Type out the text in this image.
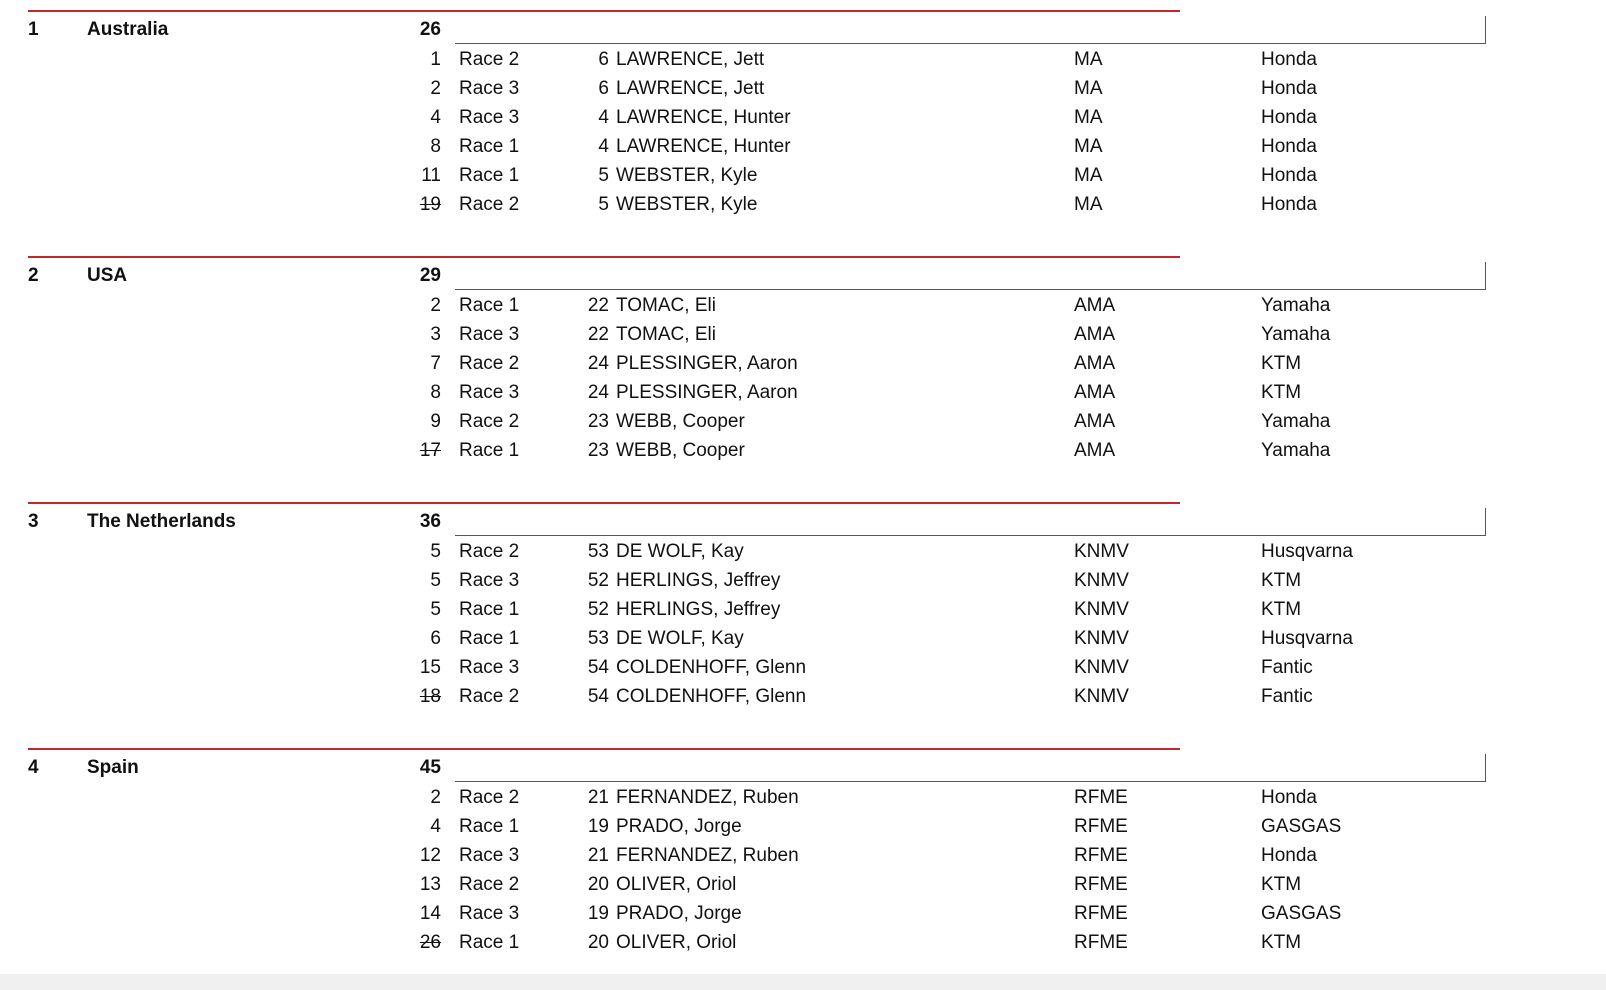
1	Australia	26
1 Race 2	6 LAWRENCE, Jett	MA	Honda
2 Race 3	6 LAWRENCE, Jett	MA	Honda
4 Race 3	4 LAWRENCE, Hunter	MA	Honda
8 Race 1	4 LAWRENCE, Hunter	MA	Honda
11 Race 1	5 WEBSTER, Kyle	MA	Honda
19 Race 2	5 WEBSTER, Kyle	MA	Honda
2	USA	29
2 Race 1	22 TOMAC, Eli	AMA	Yamaha
3 Race 3	22 TOMAC, Eli	AMA	Yamaha
7 Race 2	24 PLESSINGER, Aaron	AMA	KTM
8 Race 3	24 PLESSINGER, Aaron	AMA	KTM
9 Race 2	23 WEBB, Cooper	AMA	Yamaha
17 Race 1	23 WEBB, Cooper	AMA	Yamaha
3	The Netherlands	36
5 Race 2	53 DE WOLF, Kay	KNMV	Husqvarna
5 Race 3	52 HERLINGS, Jeffrey	KNMV	KTM
5 Race 1	52 HERLINGS, Jeffrey	KNMV	KTM
6 Race 1	53 DE WOLF, Kay	KNMV	Husqvarna
15 Race 3	54 COLDENHOFF, Glenn	KNMV	Fantic
18 Race 2	54 COLDENHOFF, Glenn	KNMV	Fantic
4	Spain	45
2 Race 2	21 FERNANDEZ, Ruben	RFME	Honda
4 Race 1	19 PRADO, Jorge	RFME	GASGAS
12 Race 3	21 FERNANDEZ, Ruben	RFME	Honda
13 Race 2	20 OLIVER, Oriol	RFME	KTM
14 Race 3	19 PRADO, Jorge	RFME	GASGAS
26 Race 1	20 OLIVER, Oriol	RFME	KTM
